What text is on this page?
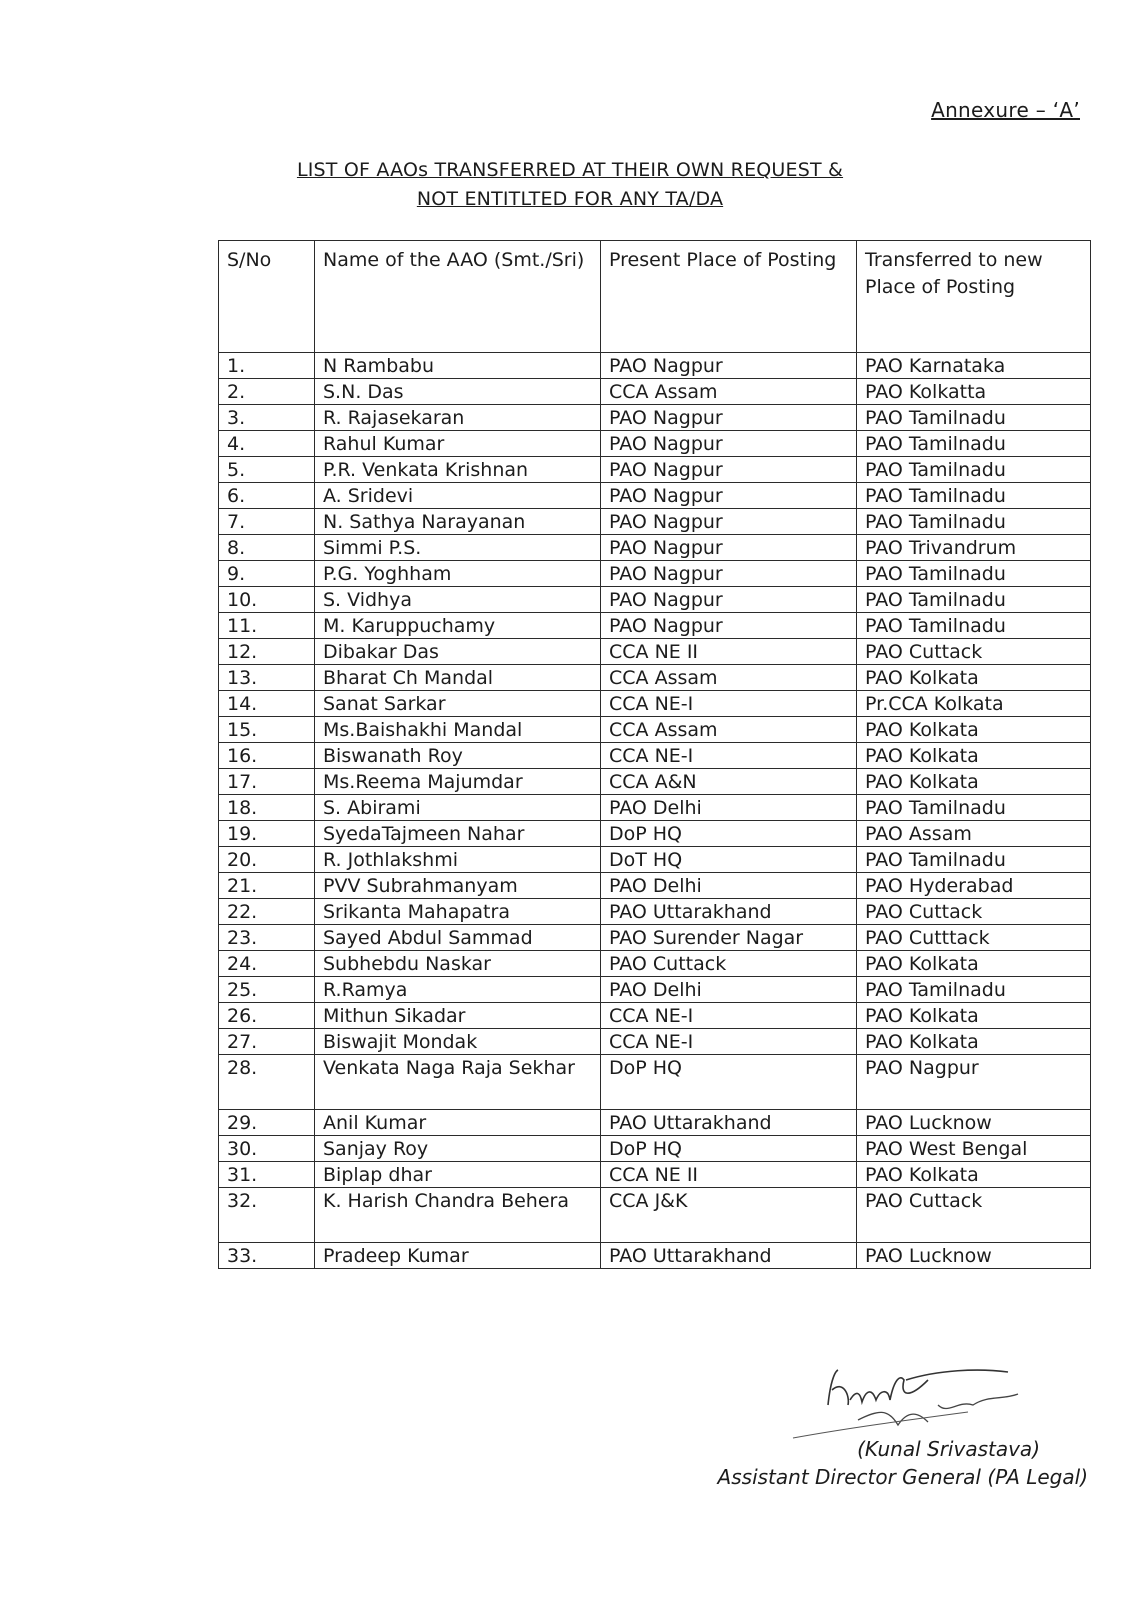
Annexure – ‘A’
LIST OF AAOs TRANSFERRED AT THEIR OWN REQUEST &
NOT ENTITLTED FOR ANY TA/DA
S/No	Name of the AAO (Smt./Sri)	Present Place of Posting	Transferred to new Place of Posting
1.	N Rambabu	PAO Nagpur	PAO Karnataka
2.	S.N. Das	CCA Assam	PAO Kolkatta
3.	R. Rajasekaran	PAO Nagpur	PAO Tamilnadu
4.	Rahul Kumar	PAO Nagpur	PAO Tamilnadu
5.	P.R. Venkata Krishnan	PAO Nagpur	PAO Tamilnadu
6.	A. Sridevi	PAO Nagpur	PAO Tamilnadu
7.	N. Sathya Narayanan	PAO Nagpur	PAO Tamilnadu
8.	Simmi P.S.	PAO Nagpur	PAO Trivandrum
9.	P.G. Yoghham	PAO Nagpur	PAO Tamilnadu
10.	S. Vidhya	PAO Nagpur	PAO Tamilnadu
11.	M. Karuppuchamy	PAO Nagpur	PAO Tamilnadu
12.	Dibakar Das	CCA NE II	PAO Cuttack
13.	Bharat Ch Mandal	CCA Assam	PAO Kolkata
14.	Sanat Sarkar	CCA NE-I	Pr.CCA Kolkata
15.	Ms.Baishakhi Mandal	CCA Assam	PAO Kolkata
16.	Biswanath Roy	CCA NE-I	PAO Kolkata
17.	Ms.Reema Majumdar	CCA A&N	PAO Kolkata
18.	S. Abirami	PAO Delhi	PAO Tamilnadu
19.	SyedaTajmeen Nahar	DoP HQ	PAO Assam
20.	R. Jothlakshmi	DoT HQ	PAO Tamilnadu
21.	PVV Subrahmanyam	PAO Delhi	PAO Hyderabad
22.	Srikanta Mahapatra	PAO Uttarakhand	PAO Cuttack
23.	Sayed Abdul Sammad	PAO Surender Nagar	PAO Cutttack
24.	Subhebdu Naskar	PAO Cuttack	PAO Kolkata
25.	R.Ramya	PAO Delhi	PAO Tamilnadu
26.	Mithun Sikadar	CCA NE-I	PAO Kolkata
27.	Biswajit Mondak	CCA NE-I	PAO Kolkata
28.	Venkata Naga Raja Sekhar	DoP HQ	PAO Nagpur
29.	Anil Kumar	PAO Uttarakhand	PAO Lucknow
30.	Sanjay Roy	DoP HQ	PAO West Bengal
31.	Biplap dhar	CCA NE II	PAO Kolkata
32.	K. Harish Chandra Behera	CCA J&K	PAO Cuttack
33.	Pradeep Kumar	PAO Uttarakhand	PAO Lucknow
(Kunal Srivastava)
Assistant Director General (PA Legal)
